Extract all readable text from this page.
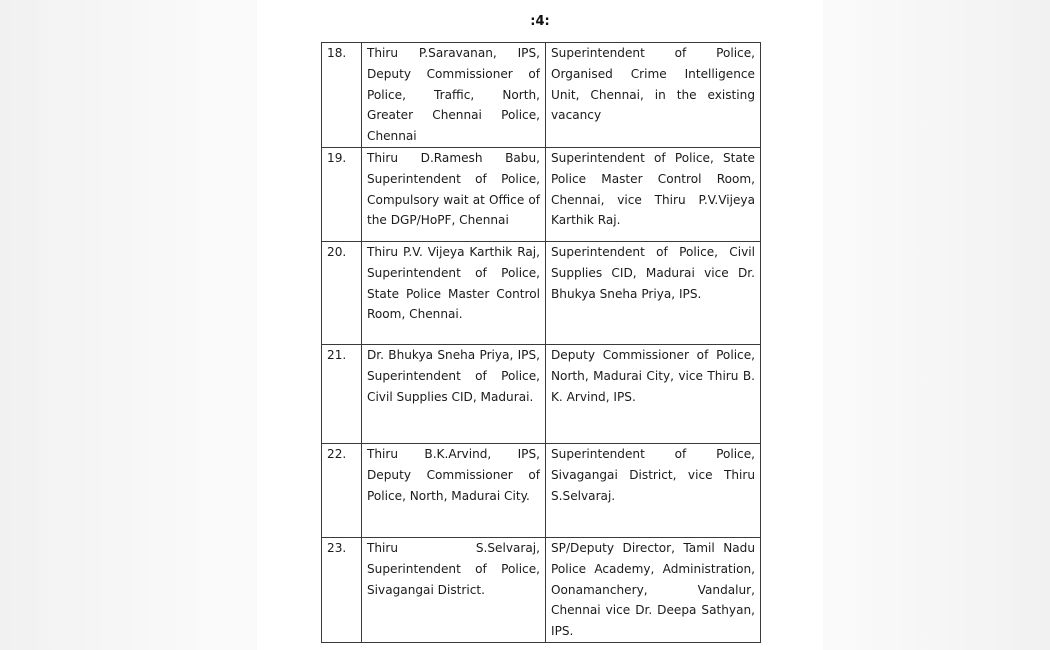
:4:
18.	Thiru P.Saravanan, IPS, Deputy Commissioner of Police, Traffic, North, Greater Chennai Police, Chennai	Superintendent of Police, Organised Crime Intelligence Unit, Chennai, in the existing vacancy

19.	Thiru D.Ramesh Babu, Superintendent of Police, Compulsory wait at Office of the DGP/HoPF, Chennai	Superintendent of Police, State Police Master Control Room, Chennai, vice Thiru P.V.Vijeya Karthik Raj.

20.	Thiru P.V. Vijeya Karthik Raj, Superintendent of Police, State Police Master Control Room, Chennai.	Superintendent of Police, Civil Supplies CID, Madurai vice Dr. Bhukya Sneha Priya, IPS.

21.	Dr. Bhukya Sneha Priya, IPS, Superintendent of Police, Civil Supplies CID, Madurai.	Deputy Commissioner of Police, North, Madurai City, vice Thiru B. K. Arvind, IPS.

22.	Thiru B.K.Arvind, IPS, Deputy Commissioner of Police, North, Madurai City.	Superintendent of Police, Sivagangai District, vice Thiru S.Selvaraj.

23.	Thiru S.Selvaraj, Superintendent of Police, Sivagangai District.	SP/Deputy Director, Tamil Nadu Police Academy, Administration, Oonamanchery, Vandalur, Chennai vice Dr. Deepa Sathyan, IPS.
